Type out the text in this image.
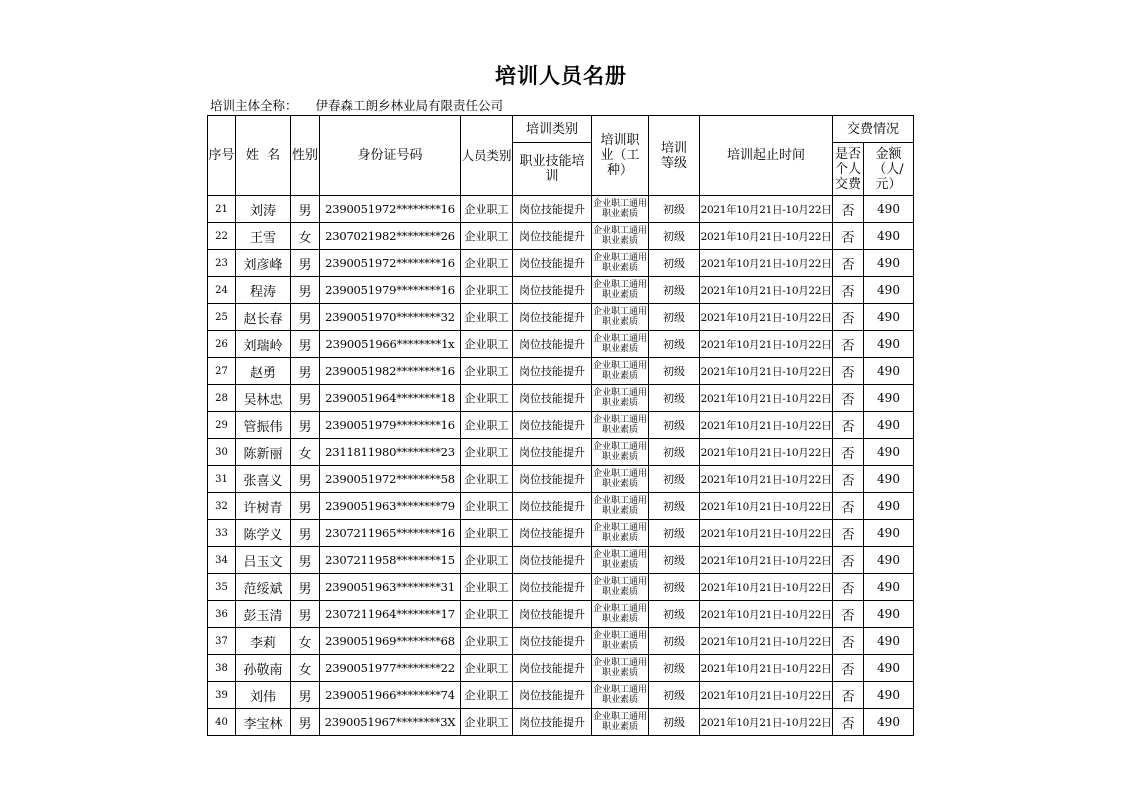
培训人员名册
培训主体全称： 伊春森工朗乡林业局有限责任公司
序号	姓  名	性别	身份证号码	人员类别	培训类别	培训职业（工种）	培训等级	培训起止时间	交费情况	
					职业技能培训				是否个人交费	金额（人/元）
21	刘涛	男	2390051972********16	企业职工	岗位技能提升	企业职工通用职业素质	初级	2021年10月21日-10月22日	否	490
22	王雪	女	2307021982********26	企业职工	岗位技能提升	企业职工通用职业素质	初级	2021年10月21日-10月22日	否	490
23	刘彦峰	男	2390051972********16	企业职工	岗位技能提升	企业职工通用职业素质	初级	2021年10月21日-10月22日	否	490
24	程涛	男	2390051979********16	企业职工	岗位技能提升	企业职工通用职业素质	初级	2021年10月21日-10月22日	否	490
25	赵长春	男	2390051970********32	企业职工	岗位技能提升	企业职工通用职业素质	初级	2021年10月21日-10月22日	否	490
26	刘瑞岭	男	2390051966********1x	企业职工	岗位技能提升	企业职工通用职业素质	初级	2021年10月21日-10月22日	否	490
27	赵勇	男	2390051982********16	企业职工	岗位技能提升	企业职工通用职业素质	初级	2021年10月21日-10月22日	否	490
28	吴林忠	男	2390051964********18	企业职工	岗位技能提升	企业职工通用职业素质	初级	2021年10月21日-10月22日	否	490
29	管振伟	男	2390051979********16	企业职工	岗位技能提升	企业职工通用职业素质	初级	2021年10月21日-10月22日	否	490
30	陈新丽	女	2311811980********23	企业职工	岗位技能提升	企业职工通用职业素质	初级	2021年10月21日-10月22日	否	490
31	张喜义	男	2390051972********58	企业职工	岗位技能提升	企业职工通用职业素质	初级	2021年10月21日-10月22日	否	490
32	许树青	男	2390051963********79	企业职工	岗位技能提升	企业职工通用职业素质	初级	2021年10月21日-10月22日	否	490
33	陈学义	男	2307211965********16	企业职工	岗位技能提升	企业职工通用职业素质	初级	2021年10月21日-10月22日	否	490
34	吕玉文	男	2307211958********15	企业职工	岗位技能提升	企业职工通用职业素质	初级	2021年10月21日-10月22日	否	490
35	范绥斌	男	2390051963********31	企业职工	岗位技能提升	企业职工通用职业素质	初级	2021年10月21日-10月22日	否	490
36	彭玉清	男	2307211964********17	企业职工	岗位技能提升	企业职工通用职业素质	初级	2021年10月21日-10月22日	否	490
37	李莉	女	2390051969********68	企业职工	岗位技能提升	企业职工通用职业素质	初级	2021年10月21日-10月22日	否	490
38	孙敬南	女	2390051977********22	企业职工	岗位技能提升	企业职工通用职业素质	初级	2021年10月21日-10月22日	否	490
39	刘伟	男	2390051966********74	企业职工	岗位技能提升	企业职工通用职业素质	初级	2021年10月21日-10月22日	否	490
40	李宝林	男	2390051967********3X	企业职工	岗位技能提升	企业职工通用职业素质	初级	2021年10月21日-10月22日	否	490
